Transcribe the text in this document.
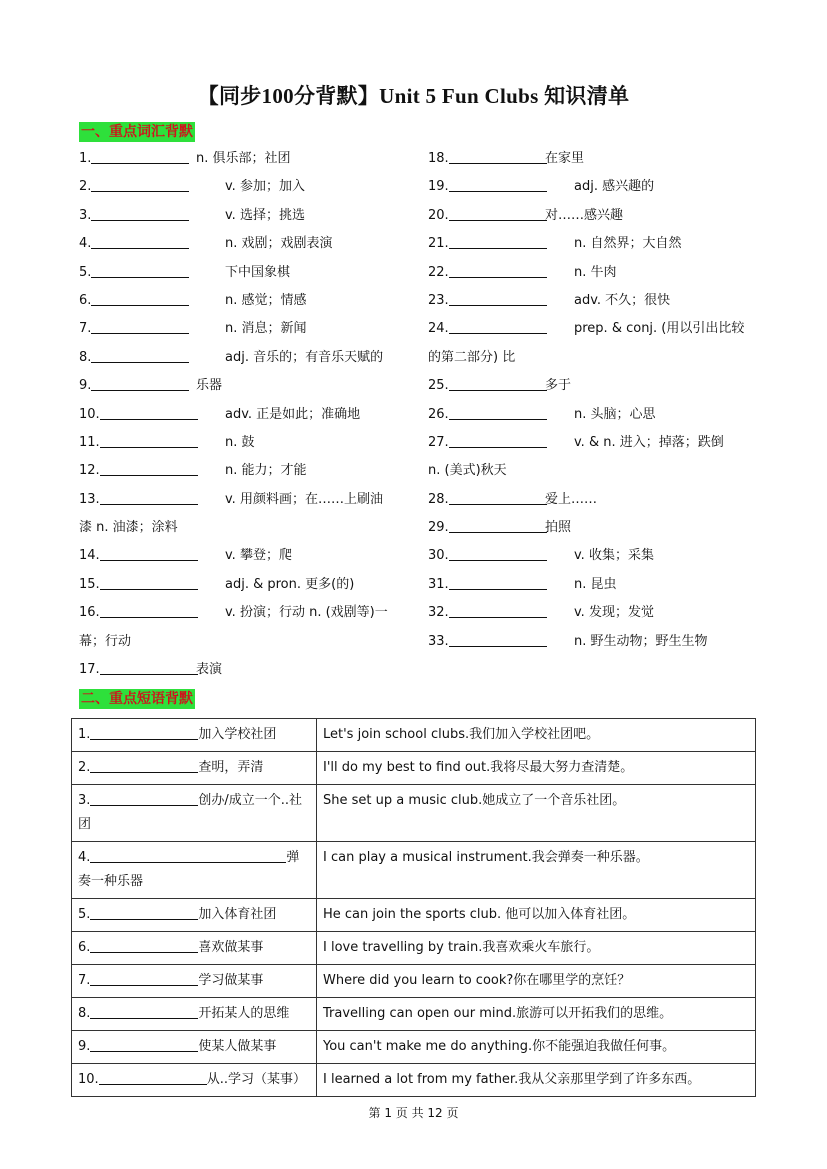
【同步100分背默】Unit 5 Fun Clubs 知识清单
一、重点词汇背默
1.	n. 俱乐部；社团
2.	v. 参加；加入
3.	v. 选择；挑选
4.	n. 戏剧；戏剧表演
5.	下中国象棋
6.	n. 感觉；情感
7.	n. 消息；新闻
8.	adj. 音乐的；有音乐天赋的
9.	乐器
10.	adv. 正是如此；准确地
11.	n. 鼓
12.	n. 能力；才能
13.	v. 用颜料画；在……上刷油
漆 n. 油漆；涂料
14.	v. 攀登；爬
15.	adj. & pron. 更多(的)
16.	v. 扮演；行动 n. (戏剧等)一
幕；行动
17.	表演
18.	在家里
19.	adj. 感兴趣的
20.	对……感兴趣
21.	n. 自然界；大自然
22.	n. 牛肉
23.	adv. 不久；很快
24.	prep. & conj. (用以引出比较
的第二部分) 比
25.	多于
26.	n. 头脑；心思
27.	v. & n. 进入；掉落；跌倒
n. (美式)秋天
28.	爱上……
29.	拍照
30.	v. 收集；采集
31.	n. 昆虫
32.	v. 发现；发觉
33.	n. 野生动物；野生生物
二、重点短语背默
1. 加入学校社团	Let's join school clubs.我们加入学校社团吧。
2. 查明，弄清	I'll do my best to find out.我将尽最大努力查清楚。
3. 创办/成立一个..社团	She set up a music club.她成立了一个音乐社团。
4. 弹奏一种乐器	I can play a musical instrument.我会弹奏一种乐器。
5. 加入体育社团	He can join the sports club. 他可以加入体育社团。
6. 喜欢做某事	I love travelling by train.我喜欢乘火车旅行。
7. 学习做某事	Where did you learn to cook?你在哪里学的烹饪？
8. 开拓某人的思维	Travelling can open our mind.旅游可以开拓我们的思维。
9. 使某人做某事	You can't make me do anything.你不能强迫我做任何事。
10. 从..学习（某事）	I learned a lot from my father.我从父亲那里学到了许多东西。
第 1 页 共 12 页
